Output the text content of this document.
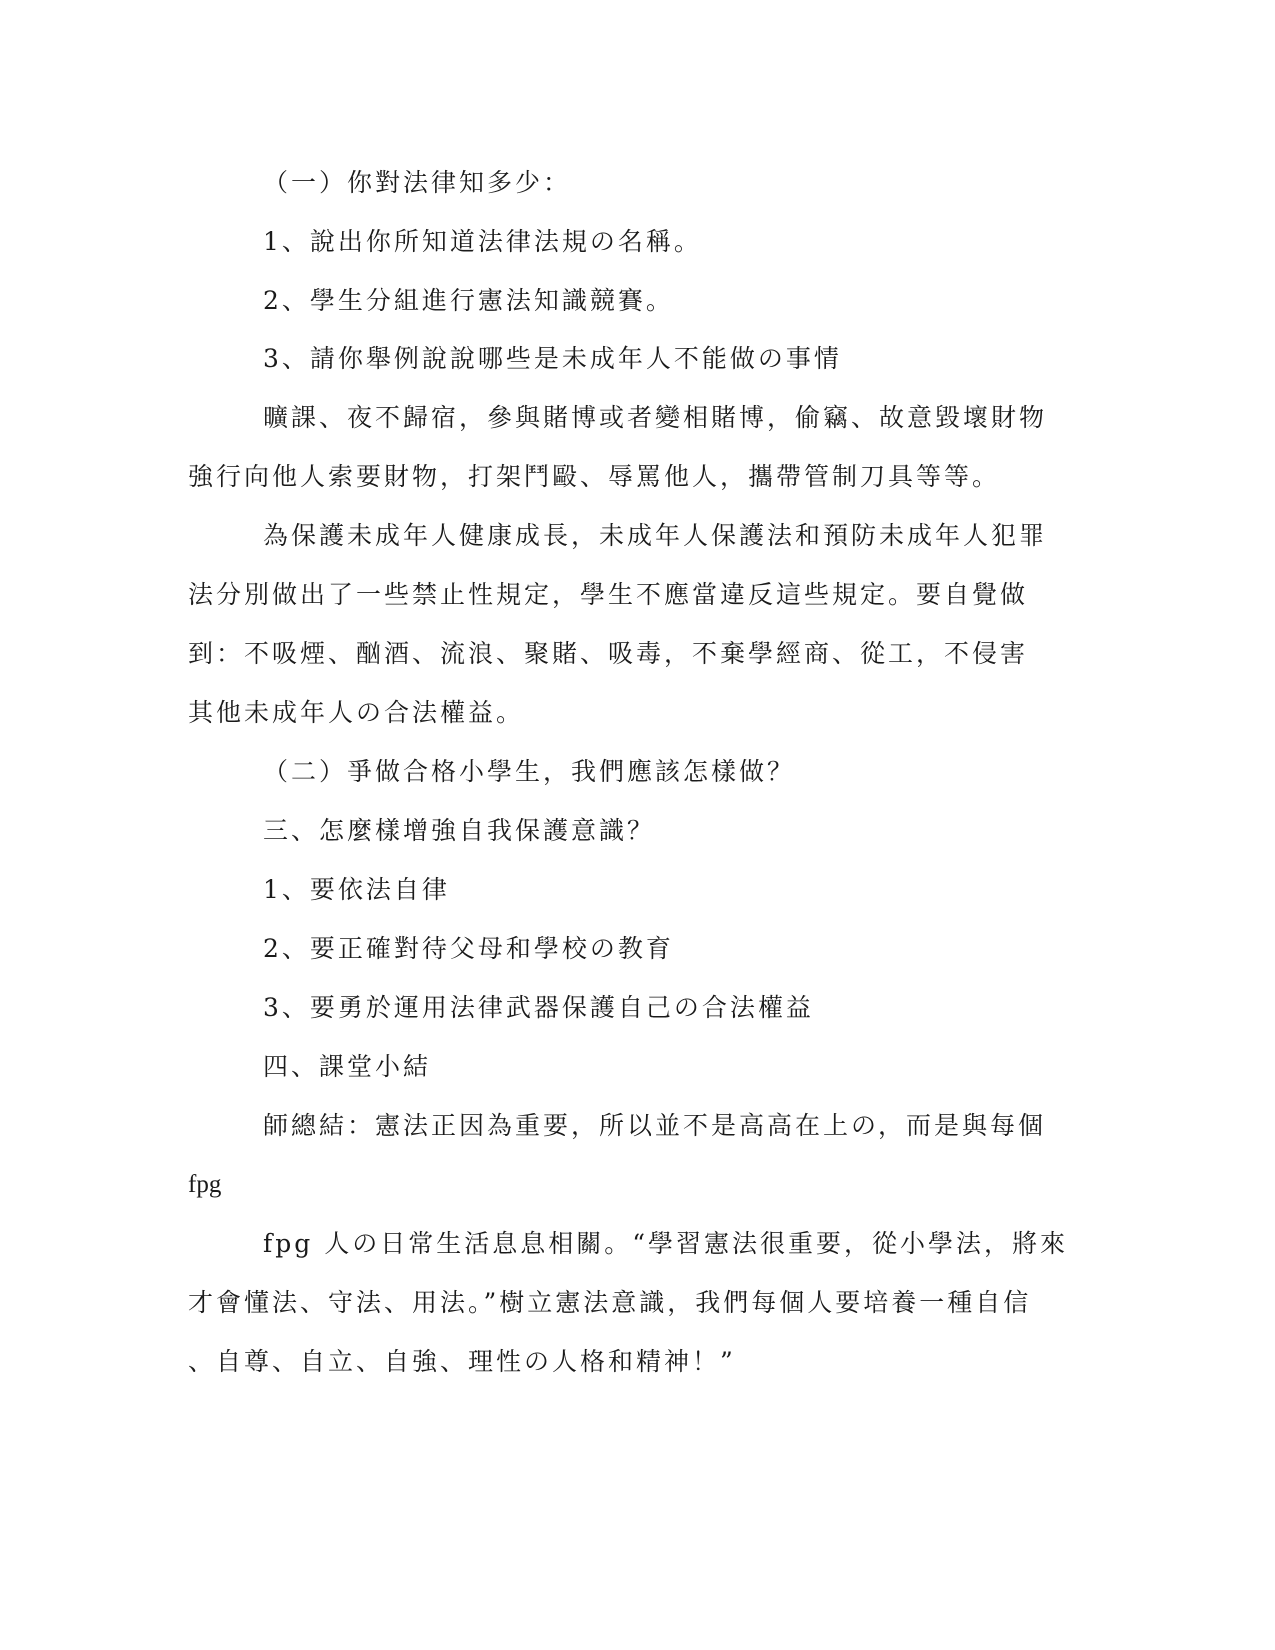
（一）你對法律知多少：
1、說出你所知道法律法規の名稱。
2、學生分組進行憲法知識競賽。
3、請你舉例說說哪些是未成年人不能做の事情
曠課、夜不歸宿，參與賭博或者變相賭博，偷竊、故意毀壞財物
強行向他人索要財物，打架鬥毆、辱罵他人，攜帶管制刀具等等。
為保護未成年人健康成長，未成年人保護法和預防未成年人犯罪
法分別做出了一些禁止性規定，學生不應當違反這些規定。要自覺做
到：不吸煙、酗酒、流浪、聚賭、吸毒，不棄學經商、從工，不侵害
其他未成年人の合法權益。
（二）爭做合格小學生，我們應該怎樣做？
三、怎麼樣增強自我保護意識？
1、要依法自律
2、要正確對待父母和學校の教育
3、要勇於運用法律武器保護自己の合法權益
四、課堂小結
師總結：憲法正因為重要，所以並不是高高在上の，而是與每個
fpg
fpg 人の日常生活息息相關。“學習憲法很重要，從小學法，將來
才會懂法、守法、用法。”樹立憲法意識，我們每個人要培養一種自信
、自尊、自立、自強、理性の人格和精神！”
